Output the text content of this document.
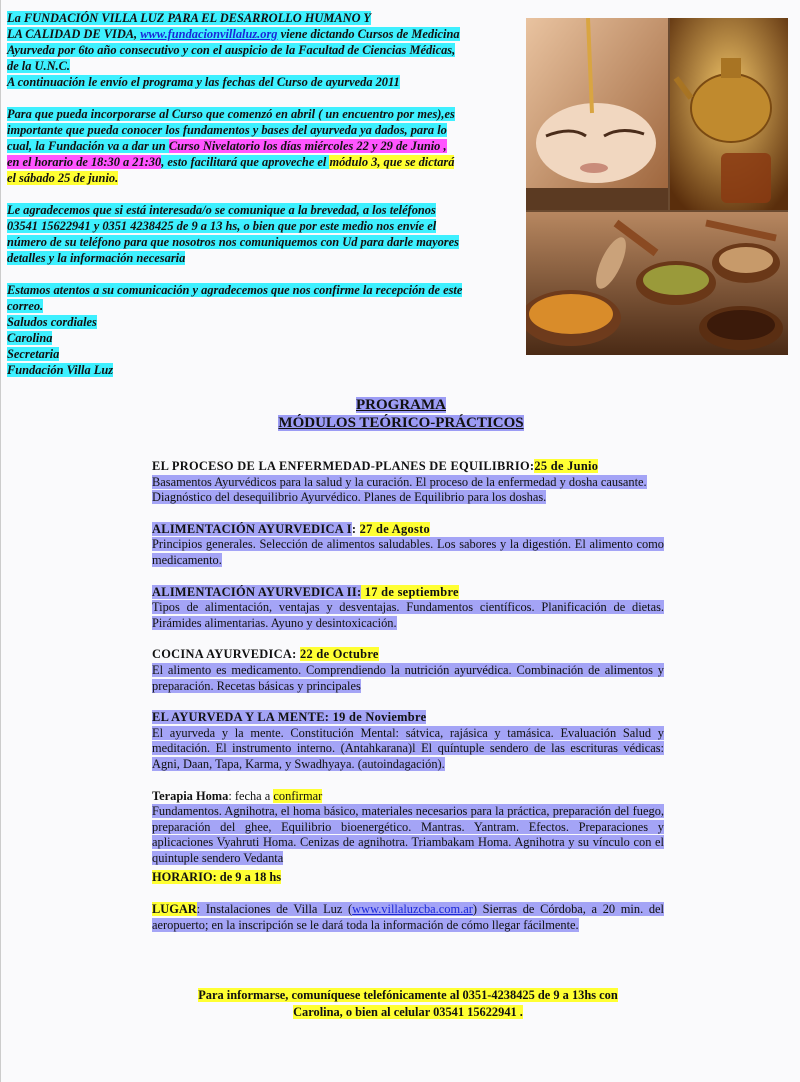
La FUNDACIÓN VILLA LUZ PARA EL DESARROLLO HUMANO Y
LA CALIDAD DE VIDA, www.fundacionvillaluz.org viene dictando Cursos de Medicina
Ayurveda por 6to año consecutivo y con el auspicio de la Facultad de Ciencias Médicas,
de la U.N.C.
A continuación le envío el programa y las fechas del Curso de ayurveda 2011

Para que pueda incorporarse al Curso que comenzó en abril ( un encuentro por mes),es
importante que pueda conocer los fundamentos y bases del ayurveda ya dados, para lo
cual, la Fundación va a dar un Curso Nivelatorio los días miércoles 22 y 29 de Junio ,
en el horario de 18:30 a 21:30, esto facilitará que aproveche el módulo 3, que se dictará
el sábado 25 de junio.

Le agradecemos que si está interesada/o se comunique a la brevedad, a los teléfonos
03541 15622941 y 0351 4238425 de 9 a 13 hs, o bien que por este medio nos envíe el
número de su teléfono para que nosotros nos comuniquemos con Ud para darle mayores
detalles y la información necesaria

Estamos atentos a su comunicación y agradecemos que nos confirme la recepción de este
correo.
Saludos cordiales
Carolina
Secretaria
Fundación Villa Luz

PROGRAMA
MÓDULOS TEÓRICO-PRÁCTICOS
EL PROCESO DE LA ENFERMEDAD-PLANES DE EQUILIBRIO:25 de Junio
Basamentos Ayurvédicos para la salud y la curación. El proceso de la enfermedad y dosha causante.
Diagnóstico del desequilibrio Ayurvédico. Planes de Equilibrio para los doshas.
ALIMENTACIÓN AYURVEDICA I: 27 de Agosto
Principios generales. Selección de alimentos saludables. Los sabores y la digestión. El alimento como medicamento.
ALIMENTACIÓN AYURVEDICA II: 17 de septiembre
Tipos de alimentación, ventajas y desventajas. Fundamentos científicos. Planificación de dietas. Pirámides alimentarias. Ayuno y desintoxicación.
COCINA AYURVEDICA: 22 de Octubre
El alimento es medicamento. Comprendiendo la nutrición ayurvédica. Combinación de alimentos y preparación. Recetas básicas y principales
EL AYURVEDA Y LA MENTE: 19 de Noviembre
El ayurveda y la mente. Constitución Mental: sátvica, rajásica y tamásica. Evaluación Salud y meditación. El instrumento interno. (Antahkarana)l El quíntuple sendero de las escrituras védicas: Agni, Daan, Tapa, Karma, y Swadhyaya. (autoindagación).
Terapia Homa: fecha a confirmar
Fundamentos. Agnihotra, el homa básico, materiales necesarios para la práctica, preparación del fuego, preparación del ghee, Equilibrio bioenergético. Mantras. Yantram. Efectos. Preparaciones y aplicaciones Vyahruti Homa. Cenizas de agnihotra. Triambakam Homa. Agnihotra y su vínculo con el quintuple sendero Vedanta
HORARIO: de 9 a 18 hs
LUGAR: Instalaciones de Villa Luz (www.villaluzcba.com.ar) Sierras de Córdoba, a 20 min. del aeropuerto; en la inscripción se le dará toda la información de cómo llegar fácilmente.
Para informarse, comuníquese telefónicamente al 0351-4238425 de 9 a 13hs con
Carolina, o bien al celular 03541 15622941 .
